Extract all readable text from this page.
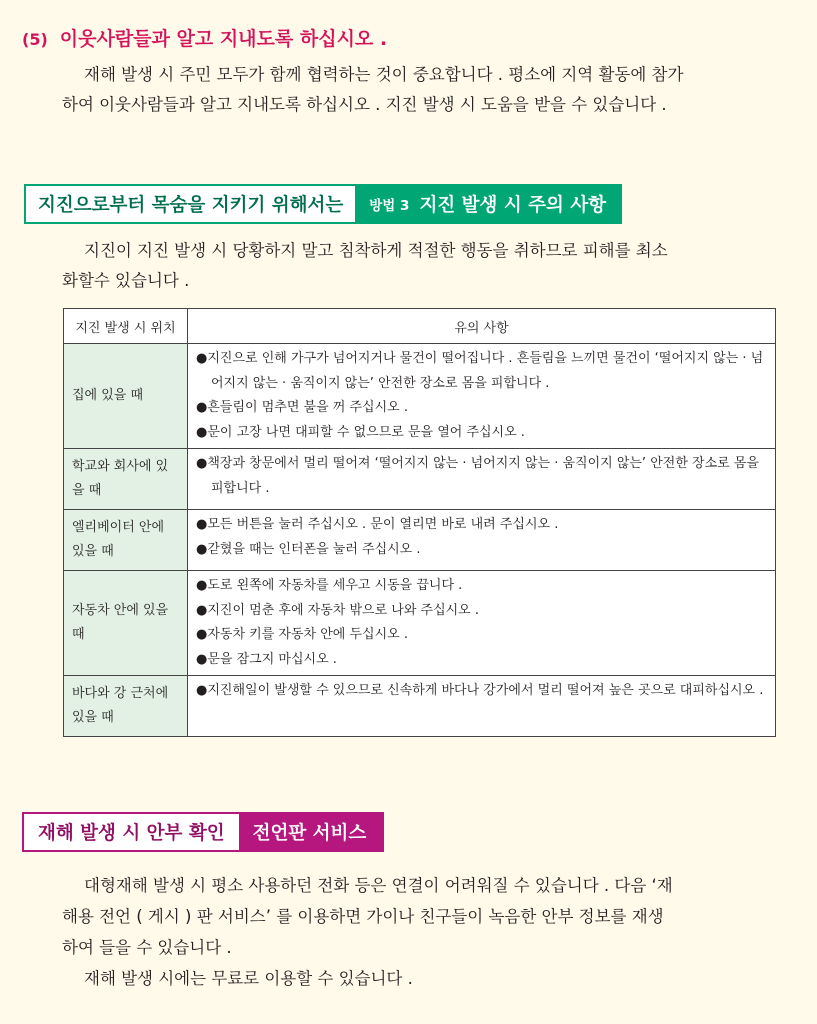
(5) 이웃사람들과 알고 지내도록 하십시오 .
재해 발생 시 주민 모두가 함께 협력하는 것이 중요합니다 . 평소에 지역 활동에 참가
하여 이웃사람들과 알고 지내도록 하십시오 . 지진 발생 시 도움을 받을 수 있습니다 .
지진으로부터 목숨을 지키기 위해서는	방법 3 지진 발생 시 주의 사항
지진이 지진 발생 시 당황하지 말고 침착하게 적절한 행동을 취하므로 피해를 최소
화할수 있습니다 .
지진 발생 시 위치	유의 사항
집에 있을 때	●지진으로 인해 가구가 넘어지거나 물건이 떨어집니다 . 흔들림을 느끼면 물건이 ‘떨어지지 않는 · 넘어지지 않는 · 움직이지 않는’ 안전한 장소로 몸을 피합니다 .
●흔들림이 멈추면 불을 꺼 주십시오 .
●문이 고장 나면 대피할 수 없으므로 문을 열어 주십시오 .

학교와 회사에 있을 때	●책장과 창문에서 멀리 떨어져 ‘떨어지지 않는 · 넘어지지 않는 · 움직이지 않는’ 안전한 장소로 몸을 피합니다 .

엘리베이터 안에 있을 때	●모든 버튼을 눌러 주십시오 . 문이 열리면 바로 내려 주십시오 .
●갇혔을 때는 인터폰을 눌러 주십시오 .

자동차 안에 있을 때	●도로 왼쪽에 자동차를 세우고 시동을 끕니다 .
●지진이 멈춘 후에 자동차 밖으로 나와 주십시오 .
●자동차 키를 자동차 안에 두십시오 .
●문을 잠그지 마십시오 .

바다와 강 근처에 있을 때	●지진해일이 발생할 수 있으므로 신속하게 바다나 강가에서 멀리 떨어져 높은 곳으로 대피하십시오 .
재해 발생 시 안부 확인	전언판 서비스
대형재해 발생 시 평소 사용하던 전화 등은 연결이 어려워질 수 있습니다 . 다음 ‘재
해용 전언 ( 게시 ) 판 서비스’ 를 이용하면 가이나 친구들이 녹음한 안부 정보를 재생
하여 들을 수 있습니다 .
재해 발생 시에는 무료로 이용할 수 있습니다 .
